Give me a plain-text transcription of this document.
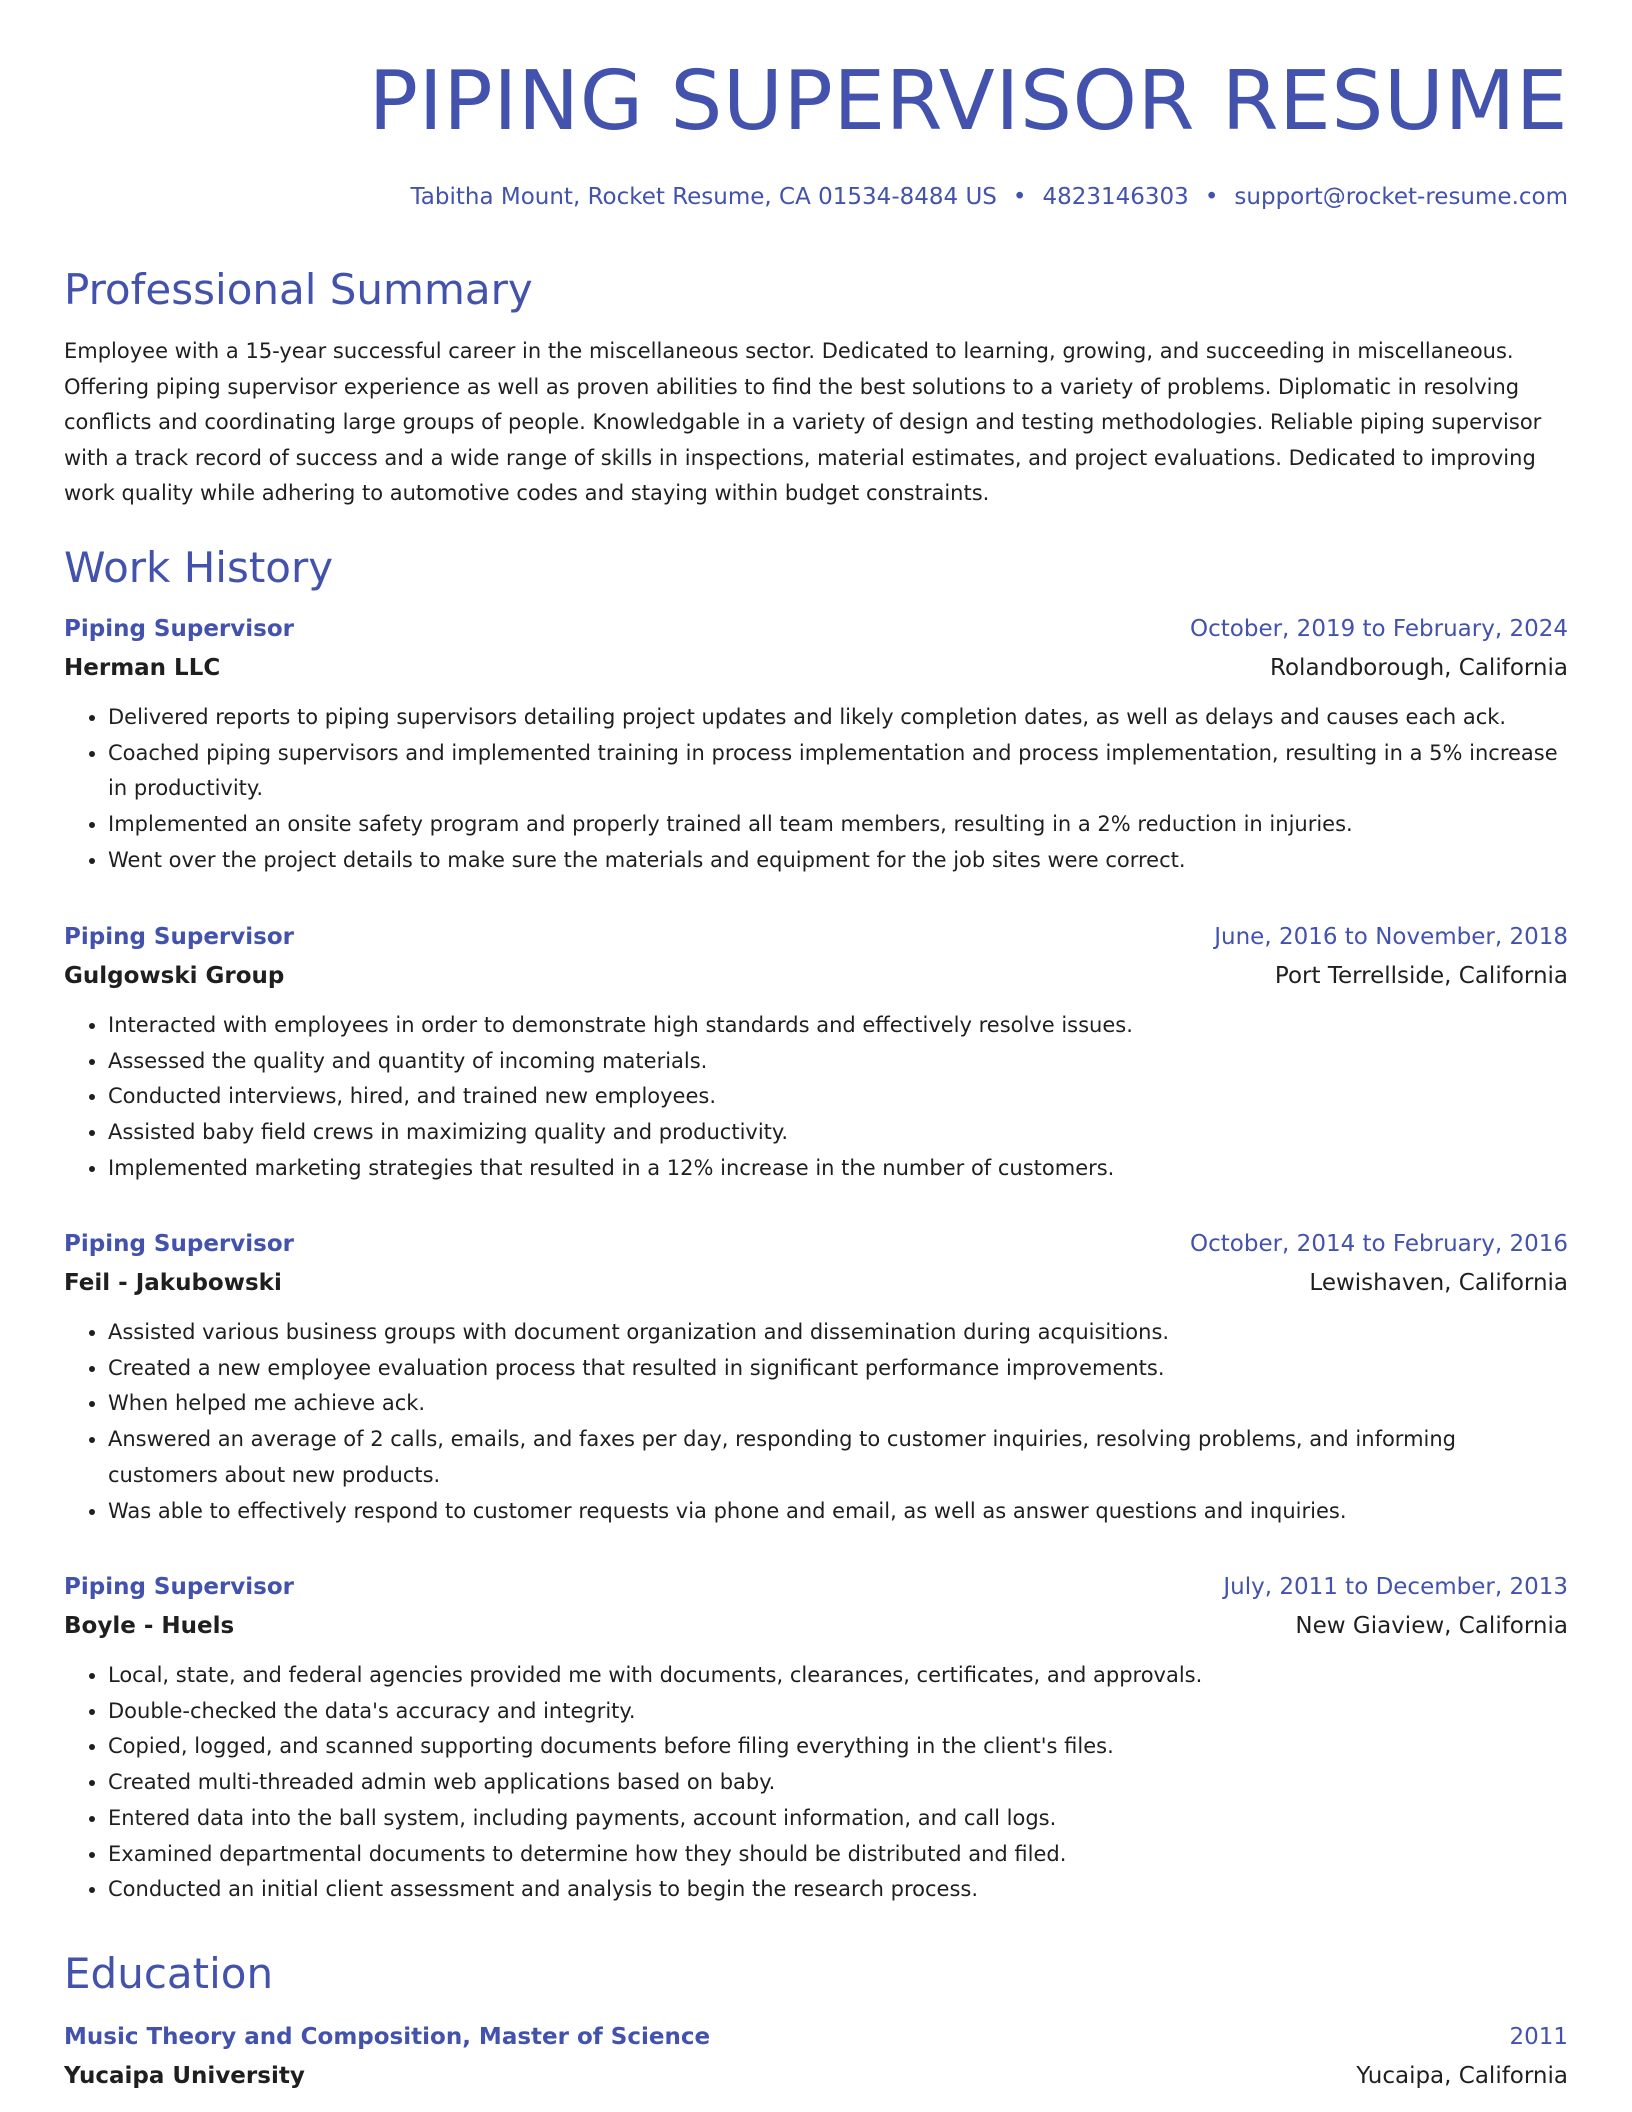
PIPING SUPERVISOR RESUME
Tabitha Mount, Rocket Resume, CA 01534-8484 US • 4823146303 • support@rocket-resume.com
Professional Summary

Employee with a 15-year successful career in the miscellaneous sector. Dedicated to learning, growing, and succeeding in miscellaneous. Offering piping supervisor experience as well as proven abilities to find the best solutions to a variety of problems. Diplomatic in resolving conflicts and coordinating large groups of people. Knowledgable in a variety of design and testing methodologies. Reliable piping supervisor with a track record of success and a wide range of skills in inspections, material estimates, and project evaluations. Dedicated to improving work quality while adhering to automotive codes and staying within budget constraints.

Work History
Piping Supervisor	October, 2019 to February, 2024
Herman LLC	Rolandborough, California
• Delivered reports to piping supervisors detailing project updates and likely completion dates, as well as delays and causes each ack.
• Coached piping supervisors and implemented training in process implementation and process implementation, resulting in a 5% increase in productivity.
• Implemented an onsite safety program and properly trained all team members, resulting in a 2% reduction in injuries.
• Went over the project details to make sure the materials and equipment for the job sites were correct.
Piping Supervisor	June, 2016 to November, 2018
Gulgowski Group	Port Terrellside, California
• Interacted with employees in order to demonstrate high standards and effectively resolve issues.
• Assessed the quality and quantity of incoming materials.
• Conducted interviews, hired, and trained new employees.
• Assisted baby field crews in maximizing quality and productivity.
• Implemented marketing strategies that resulted in a 12% increase in the number of customers.
Piping Supervisor	October, 2014 to February, 2016
Feil - Jakubowski	Lewishaven, California
• Assisted various business groups with document organization and dissemination during acquisitions.
• Created a new employee evaluation process that resulted in significant performance improvements.
• When helped me achieve ack.
• Answered an average of 2 calls, emails, and faxes per day, responding to customer inquiries, resolving problems, and informing customers about new products.
• Was able to effectively respond to customer requests via phone and email, as well as answer questions and inquiries.
Piping Supervisor	July, 2011 to December, 2013
Boyle - Huels	New Giaview, California
• Local, state, and federal agencies provided me with documents, clearances, certificates, and approvals.
• Double-checked the data's accuracy and integrity.
• Copied, logged, and scanned supporting documents before filing everything in the client's files.
• Created multi-threaded admin web applications based on baby.
• Entered data into the ball system, including payments, account information, and call logs.
• Examined departmental documents to determine how they should be distributed and filed.
• Conducted an initial client assessment and analysis to begin the research process.
Education
Music Theory and Composition, Master of Science	2011
Yucaipa University	Yucaipa, California
